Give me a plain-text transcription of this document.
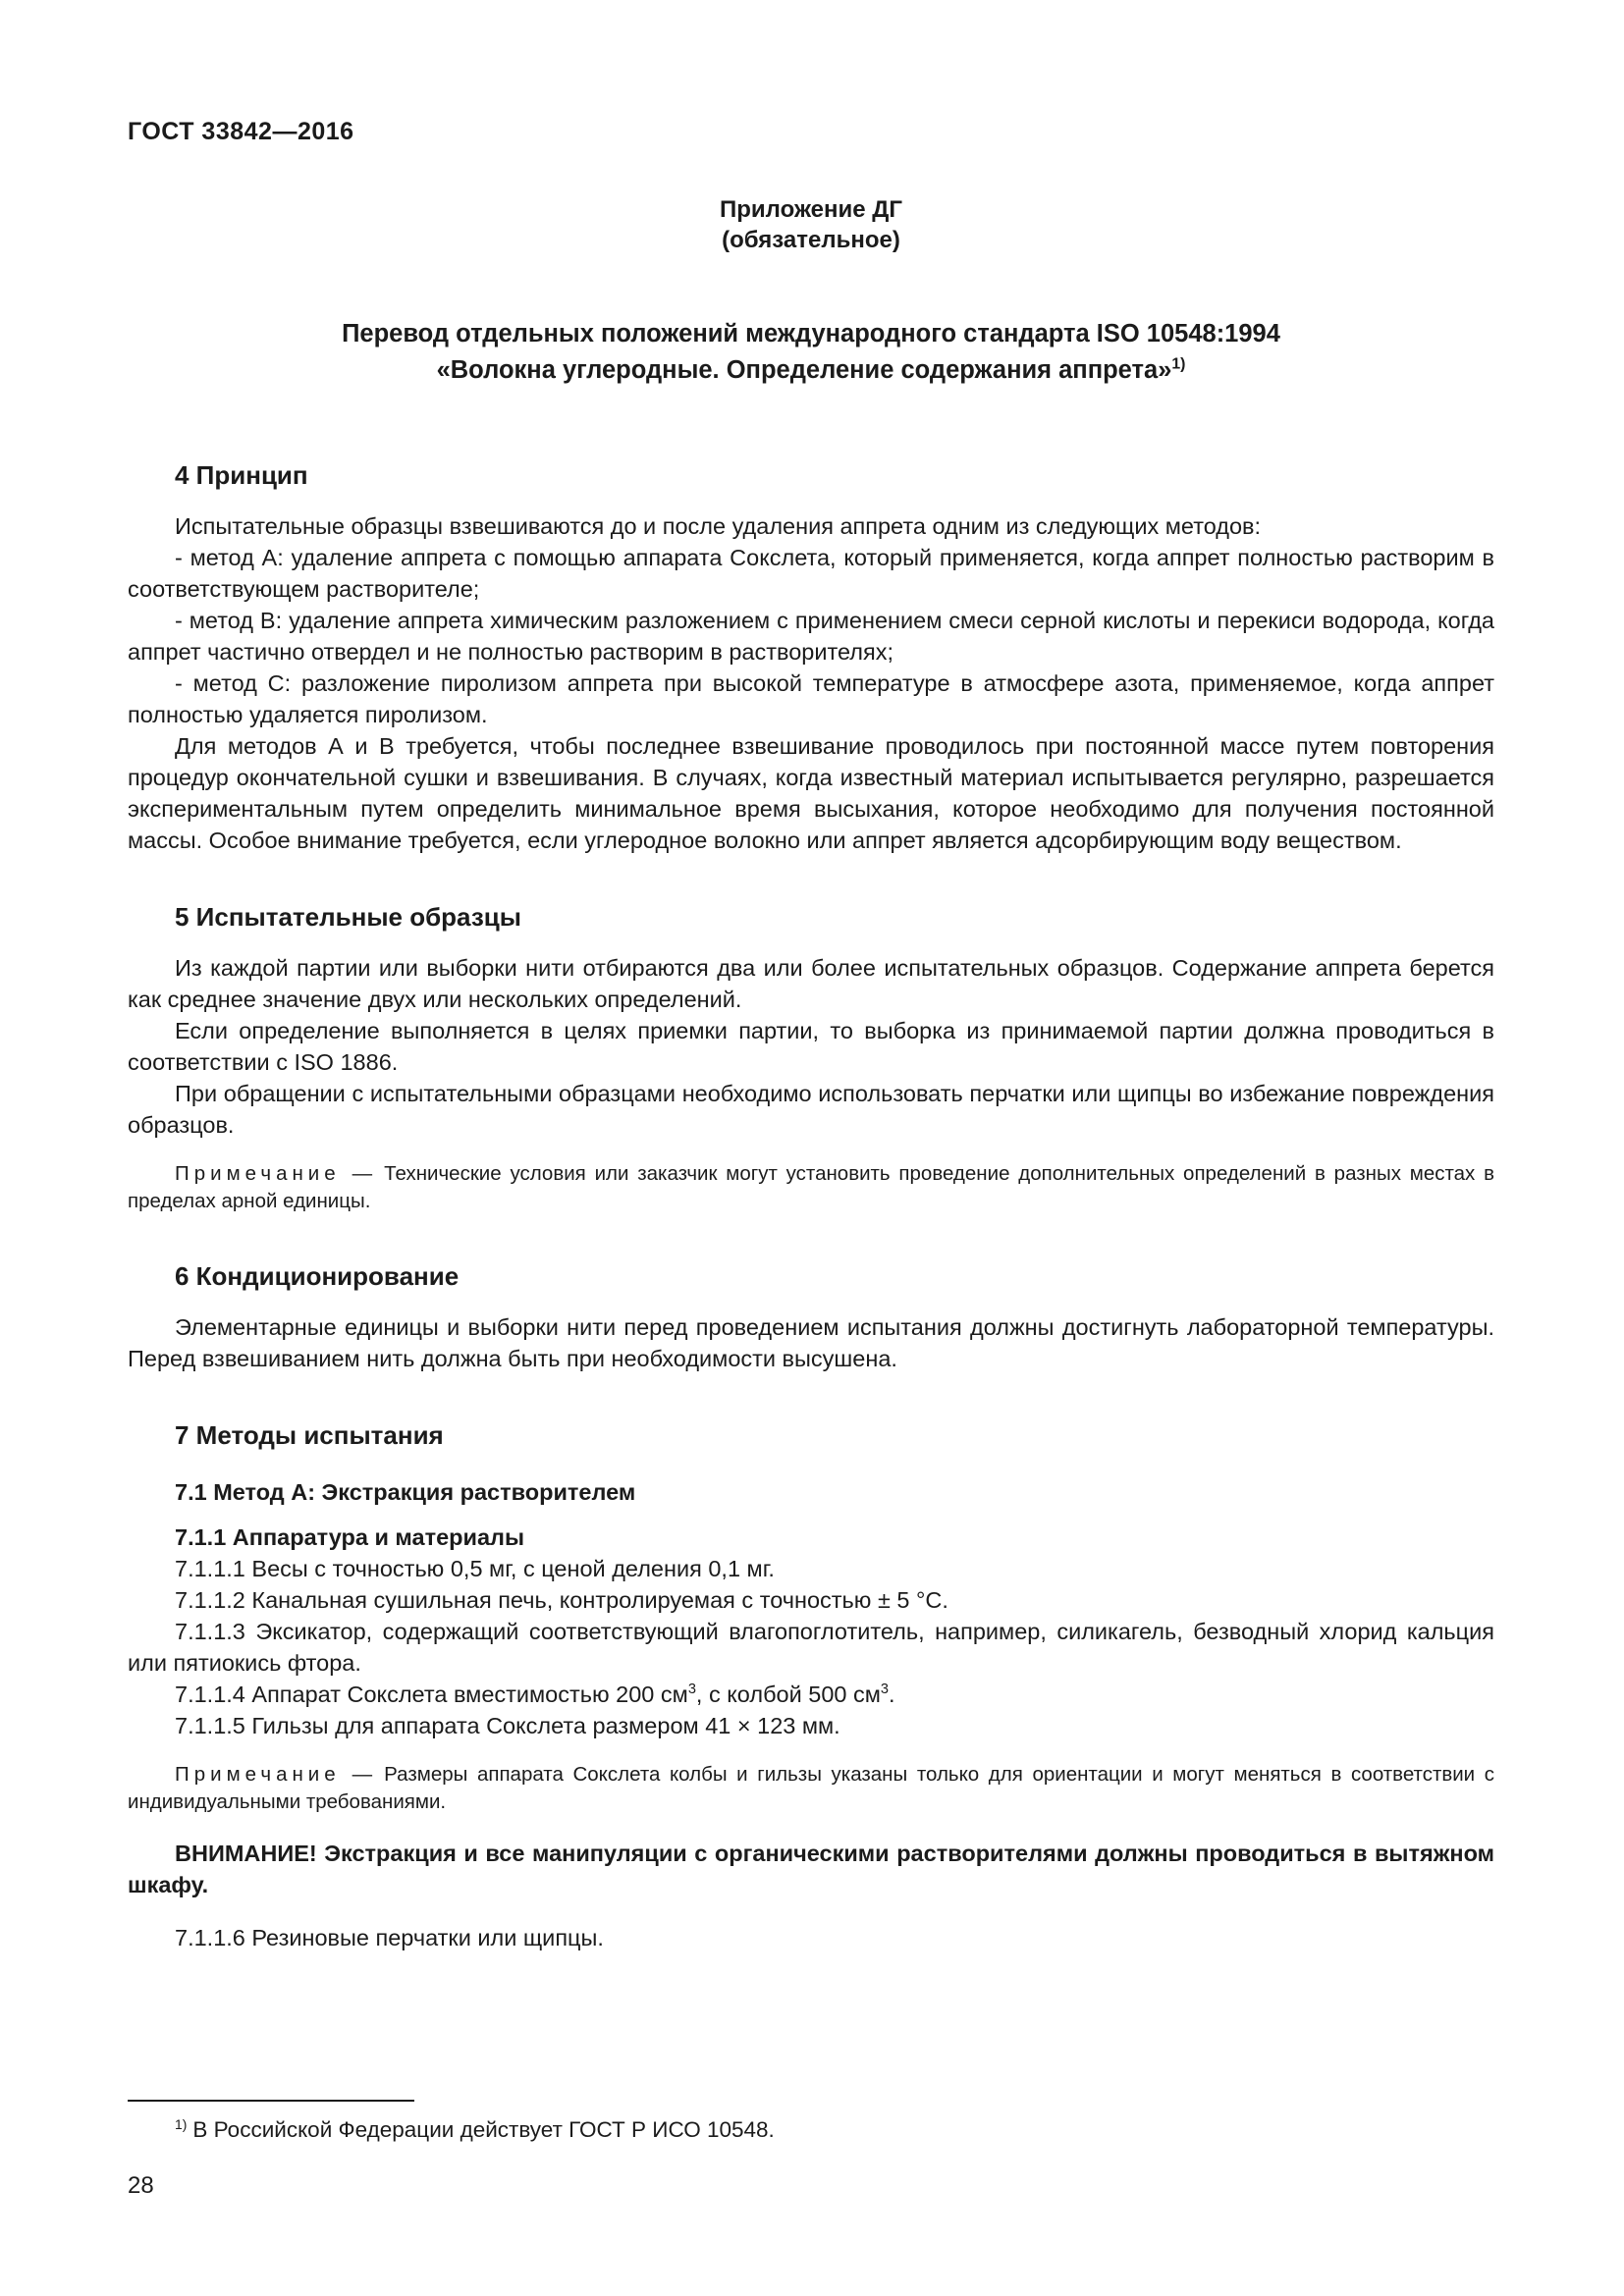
ГОСТ 33842—2016
Приложение ДГ
(обязательное)
Перевод отдельных положений международного стандарта ISO 10548:1994
«Волокна углеродные. Определение содержания аппрета»$^{1)}$
4 Принцип

Испытательные образцы взвешиваются до и после удаления аппрета одним из следующих методов:

- метод А: удаление аппрета с помощью аппарата Сокслета, который применяется, когда аппрет полностью растворим в соответствующем растворителе;

- метод В: удаление аппрета химическим разложением с применением смеси серной кислоты и перекиси водорода, когда аппрет частично отвердел и не полностью растворим в растворителях;

- метод С: разложение пиролизом аппрета при высокой температуре в атмосфере азота, применяемое, когда аппрет полностью удаляется пиролизом.

Для методов А и В требуется, чтобы последнее взвешивание проводилось при постоянной массе путем повторения процедур окончательной сушки и взвешивания. В случаях, когда известный материал испытывается регулярно, разрешается экспериментальным путем определить минимальное время высыхания, которое необходимо для получения постоянной массы. Особое внимание требуется, если углеродное волокно или аппрет является адсорбирующим воду веществом.

5 Испытательные образцы

Из каждой партии или выборки нити отбираются два или более испытательных образцов. Содержание аппрета берется как среднее значение двух или нескольких определений.

Если определение выполняется в целях приемки партии, то выборка из принимаемой партии должна проводиться в соответствии с ISO 1886.

При обращении с испытательными образцами необходимо использовать перчатки или щипцы во избежание повреждения образцов.

Примечание — Технические условия или заказчик могут установить проведение дополнительных определений в разных местах в пределах арной единицы.

6 Кондиционирование

Элементарные единицы и выборки нити перед проведением испытания должны достигнуть лабораторной температуры. Перед взвешиванием нить должна быть при необходимости высушена.

7 Методы испытания

7.1 Метод А: Экстракция растворителем

7.1.1 Аппаратура и материалы

7.1.1.1 Весы с точностью 0,5 мг, с ценой деления 0,1 мг.

7.1.1.2 Канальная сушильная печь, контролируемая с точностью ± 5 °С.

7.1.1.3 Эксикатор, содержащий соответствующий влагопоглотитель, например, силикагель, безводный хлорид кальция или пятиокись фтора.

7.1.1.4 Аппарат Сокслета вместимостью 200 $см^3$, с колбой 500 $см^3$.

7.1.1.5 Гильзы для аппарата Сокслета размером 41 × 123 мм.

Примечание — Размеры аппарата Сокслета колбы и гильзы указаны только для ориентации и могут меняться в соответствии с индивидуальными требованиями.

ВНИМАНИЕ! Экстракция и все манипуляции с органическими растворителями должны проводиться в вытяжном шкафу.

7.1.1.6 Резиновые перчатки или щипцы.

$^{1)}$ В Российской Федерации действует ГОСТ Р ИСО 10548.

28
